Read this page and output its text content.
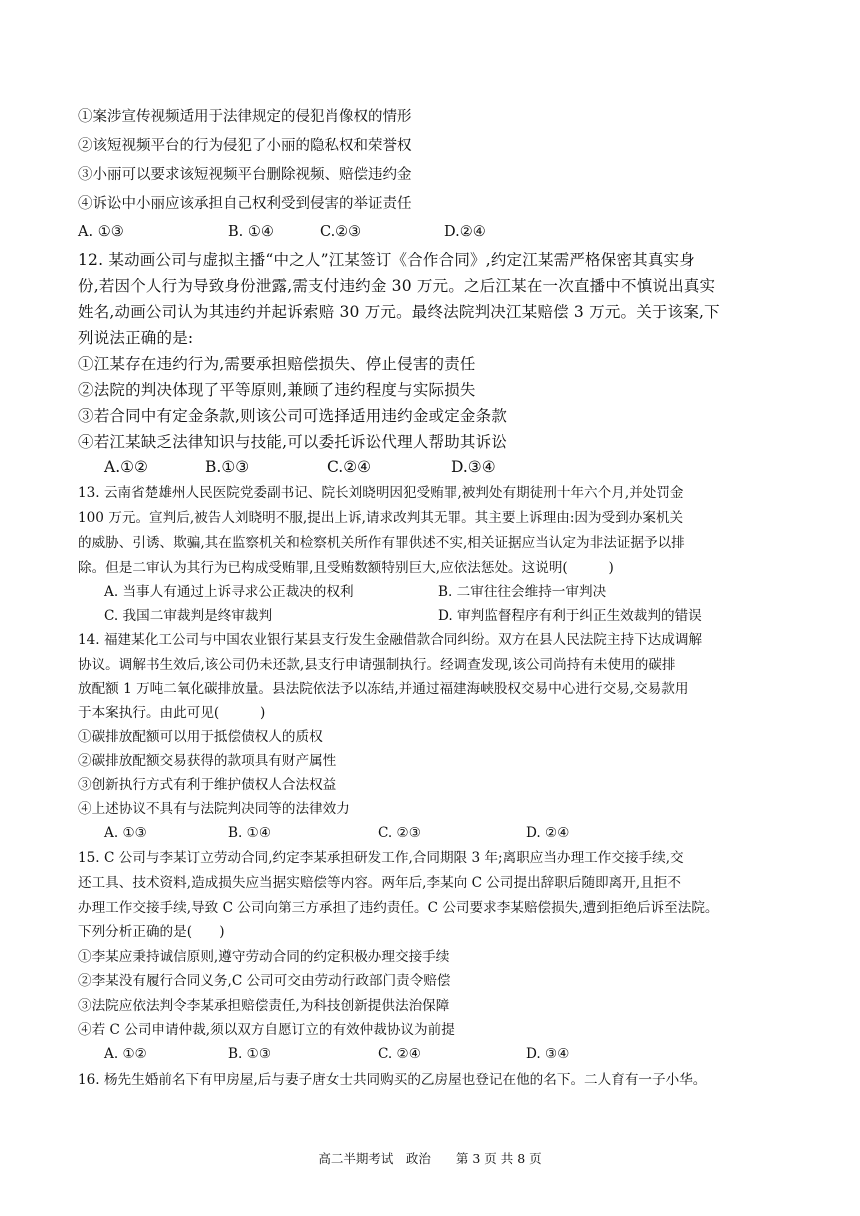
①案涉宣传视频适用于法律规定的侵犯肖像权的情形
②该短视频平台的行为侵犯了小丽的隐私权和荣誉权
③小丽可以要求该短视频平台删除视频、赔偿违约金
④诉讼中小丽应该承担自己权利受到侵害的举证责任
A. ①③	B. ①④	C.②③	D.②④
12. 某动画公司与虚拟主播“中之人”江某签订《合作合同》,约定江某需严格保密其真实身
份,若因个人行为导致身份泄露,需支付违约金 30 万元。之后江某在一次直播中不慎说出真实
姓名,动画公司认为其违约并起诉索赔 30 万元。最终法院判决江某赔偿 3 万元。关于该案,下
列说法正确的是:
①江某存在违约行为,需要承担赔偿损失、停止侵害的责任
②法院的判决体现了平等原则,兼顾了违约程度与实际损失
③若合同中有定金条款,则该公司可选择适用违约金或定金条款
④若江某缺乏法律知识与技能,可以委托诉讼代理人帮助其诉讼
A.①②	B.①③	C.②④	D.③④
13. 云南省楚雄州人民医院党委副书记、院长刘晓明因犯受贿罪,被判处有期徒刑十年六个月,并处罚金
100 万元。宣判后,被告人刘晓明不服,提出上诉,请求改判其无罪。其主要上诉理由:因为受到办案机关
的威胁、引诱、欺骗,其在监察机关和检察机关所作有罪供述不实,相关证据应当认定为非法证据予以排
除。但是二审认为其行为已构成受贿罪,且受贿数额特别巨大,应依法惩处。这说明(　　　)
A. 当事人有通过上诉寻求公正裁决的权利	B. 二审往往会维持一审判决
C. 我国二审裁判是终审裁判	D. 审判监督程序有利于纠正生效裁判的错误
14. 福建某化工公司与中国农业银行某县支行发生金融借款合同纠纷。双方在县人民法院主持下达成调解
协议。调解书生效后,该公司仍未还款,县支行申请强制执行。经调查发现,该公司尚持有未使用的碳排
放配额 1 万吨二氧化碳排放量。县法院依法予以冻结,并通过福建海峡股权交易中心进行交易,交易款用
于本案执行。由此可见(　　　)
①碳排放配额可以用于抵偿债权人的质权
②碳排放配额交易获得的款项具有财产属性
③创新执行方式有利于维护债权人合法权益
④上述协议不具有与法院判决同等的法律效力
A. ①③	B. ①④	C. ②③	D. ②④
15. C 公司与李某订立劳动合同,约定李某承担研发工作,合同期限 3 年;离职应当办理工作交接手续,交
还工具、技术资料,造成损失应当据实赔偿等内容。两年后,李某向 C 公司提出辞职后随即离开,且拒不
办理工作交接手续,导致 C 公司向第三方承担了违约责任。C 公司要求李某赔偿损失,遭到拒绝后诉至法院。
下列分析正确的是(　　)
①李某应秉持诚信原则,遵守劳动合同的约定积极办理交接手续
②李某没有履行合同义务,C 公司可交由劳动行政部门责令赔偿
③法院应依法判令李某承担赔偿责任,为科技创新提供法治保障
④若 C 公司申请仲裁,须以双方自愿订立的有效仲裁协议为前提
A. ①②	B. ①③	C. ②④	D. ③④
16. 杨先生婚前名下有甲房屋,后与妻子唐女士共同购买的乙房屋也登记在他的名下。二人育有一子小华。
高二半期考试　政治　　第 3 页 共 8 页
